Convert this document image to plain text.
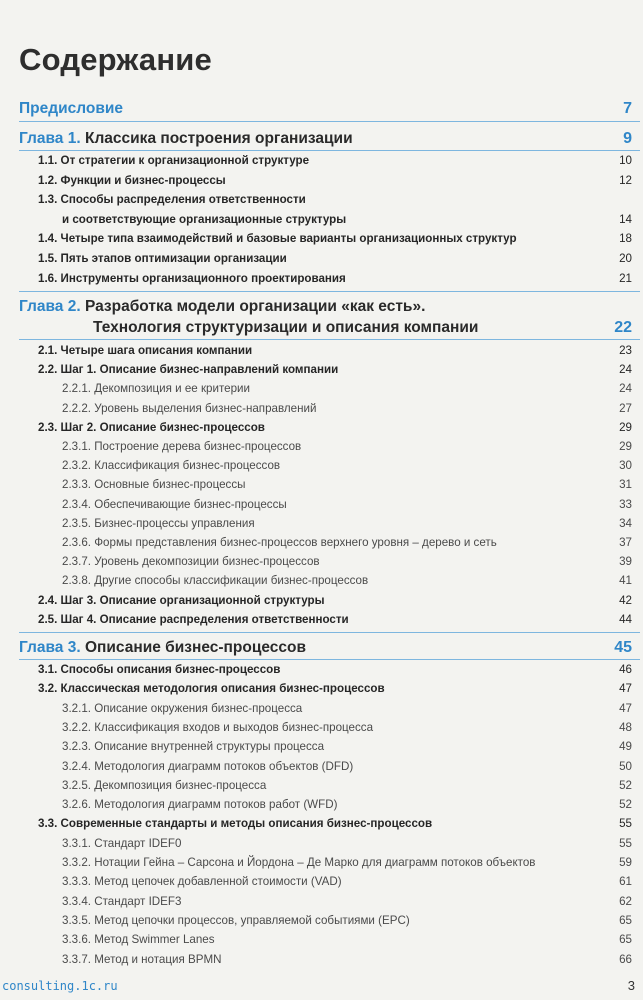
Содержание
Предисловие	7
Глава 1. Классика построения организации	9
1.1. От стратегии к организационной структуре	10
1.2. Функции и бизнес-процессы	12
1.3. Способы распределения ответственности
и соответствующие организационные структуры	14
1.4. Четыре типа взаимодействий и базовые варианты организационных структур	18
1.5. Пять этапов оптимизации организации	20
1.6. Инструменты организационного проектирования	21
Глава 2. Разработка модели организации «как есть».
Технология структуризации и описания компании	22
2.1. Четыре шага описания компании	23
2.2. Шаг 1. Описание бизнес-направлений компании	24
2.2.1. Декомпозиция и ее критерии	24
2.2.2. Уровень выделения бизнес-направлений	27
2.3. Шаг 2. Описание бизнес-процессов	29
2.3.1. Построение дерева бизнес-процессов	29
2.3.2. Классификация бизнес-процессов	30
2.3.3. Основные бизнес-процессы	31
2.3.4. Обеспечивающие бизнес-процессы	33
2.3.5. Бизнес-процессы управления	34
2.3.6. Формы представления бизнес-процессов верхнего уровня – дерево и сеть	37
2.3.7. Уровень декомпозиции бизнес-процессов	39
2.3.8. Другие способы классификации бизнес-процессов	41
2.4. Шаг 3. Описание организационной структуры	42
2.5. Шаг 4. Описание распределения ответственности	44
Глава 3. Описание бизнес-процессов	45
3.1. Способы описания бизнес-процессов	46
3.2. Классическая методология описания бизнес-процессов	47
3.2.1. Описание окружения бизнес-процесса	47
3.2.2. Классификация входов и выходов бизнес-процесса	48
3.2.3. Описание внутренней структуры процесса	49
3.2.4. Методология диаграмм потоков объектов (DFD)	50
3.2.5. Декомпозиция бизнес-процесса	52
3.2.6. Методология диаграмм потоков работ (WFD)	52
3.3. Современные стандарты и методы описания бизнес-процессов	55
3.3.1. Стандарт IDEF0	55
3.3.2. Нотации Гейна – Сарсона и Йордона – Де Марко для диаграмм потоков объектов	59
3.3.3. Метод цепочек добавленной стоимости (VAD)	61
3.3.4. Стандарт IDEF3	62
3.3.5. Метод цепочки процессов, управляемой событиями (EPC)	65
3.3.6. Метод Swimmer Lanes	65
3.3.7. Метод и нотация BPMN	66
consulting.1c.ru	3
